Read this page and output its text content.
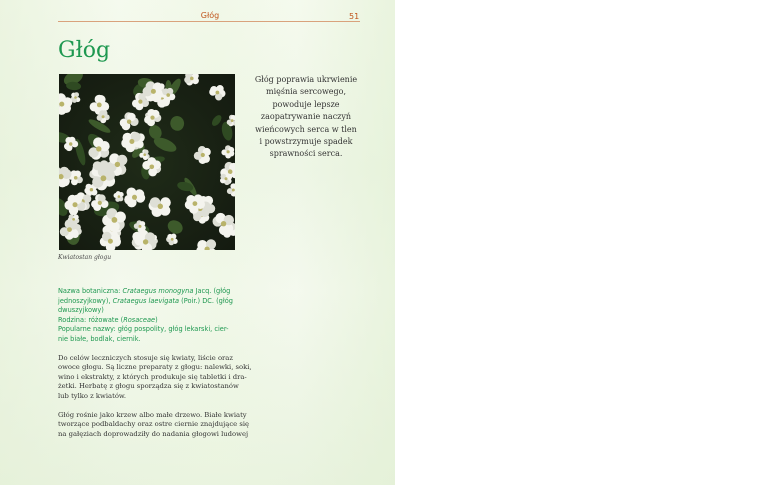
Głóg	51
Głóg
Kwiatostan głogu
Głóg poprawia ukrwienie
mięśnia sercowego,
powoduje lepsze
zaopatrywanie naczyń
wieńcowych serca w tlen
i powstrzymuje spadek
sprawności serca.
Nazwa botaniczna: Crataegus monogyna Jacq. (głóg
jednoszyjkowy), Crataegus laevigata (Poir.) DC. (głóg
dwuszyjkowy)
Rodzina: różowate (Rosaceae)
Popularne nazwy: głóg pospolity, głóg lekarski, cier-
nie białe, bodlak, ciernik.
Do celów leczniczych stosuje się kwiaty, liście oraz
owoce głogu. Są liczne preparaty z głogu: nalewki, soki,
wino i ekstrakty, z których produkuje się tabletki i dra-
żetki. Herbatę z głogu sporządza się z kwiatostanów
lub tylko z kwiatów.
Głóg rośnie jako krzew albo małe drzewo. Białe kwiaty
tworzące podbaldachy oraz ostre ciernie znajdujące się
na gałęziach doprowadziły do nadania głogowi ludowej
